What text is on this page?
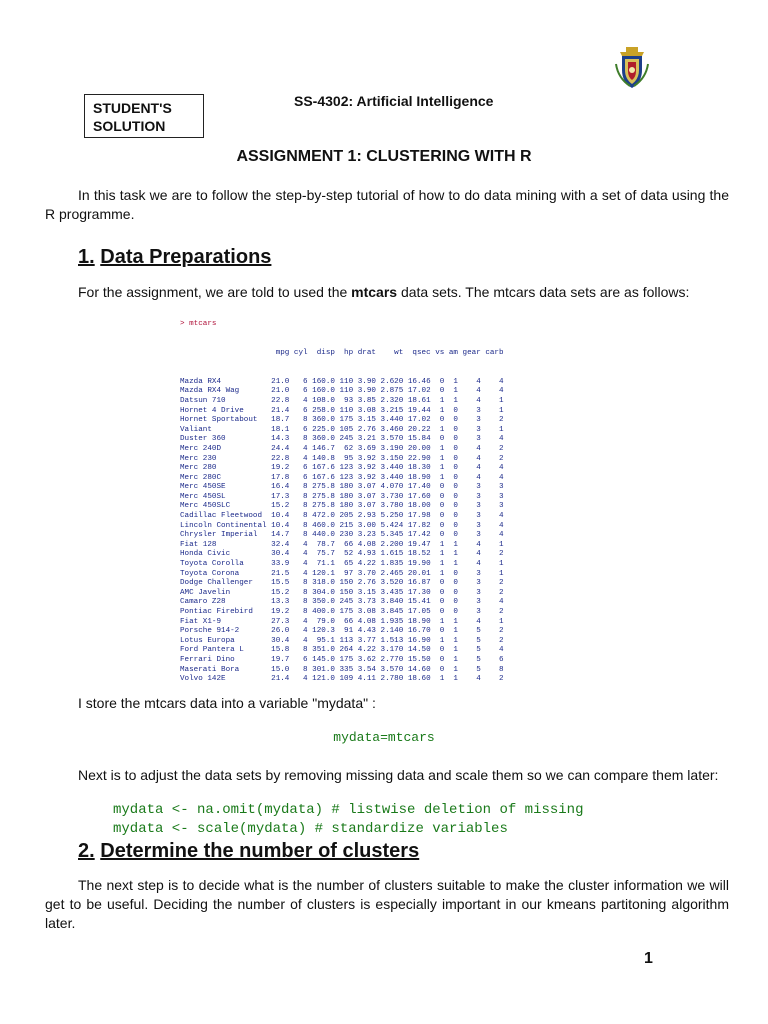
STUDENT'S
SOLUTION
SS-4302: Artificial Intelligence
ASSIGNMENT 1: CLUSTERING WITH R
In this task we are to follow the step-by-step tutorial of how to do data mining with a set of data using the R programme.
1. Data Preparations
For the assignment, we are told to used the mtcars data sets. The mtcars data sets are as follows:

> mtcars

mpg cyl  disp  hp drat    wt  qsec vs am gear carb

Mazda RX4           21.0   6 160.0 110 3.90 2.620 16.46  0  1    4    4
Mazda RX4 Wag       21.0   6 160.0 110 3.90 2.875 17.02  0  1    4    4
Datsun 710          22.8   4 108.0  93 3.85 2.320 18.61  1  1    4    1
Hornet 4 Drive      21.4   6 258.0 110 3.08 3.215 19.44  1  0    3    1
Hornet Sportabout   18.7   8 360.0 175 3.15 3.440 17.02  0  0    3    2
Valiant             18.1   6 225.0 105 2.76 3.460 20.22  1  0    3    1
Duster 360          14.3   8 360.0 245 3.21 3.570 15.84  0  0    3    4
Merc 240D           24.4   4 146.7  62 3.69 3.190 20.00  1  0    4    2
Merc 230            22.8   4 140.8  95 3.92 3.150 22.90  1  0    4    2
Merc 280            19.2   6 167.6 123 3.92 3.440 18.30  1  0    4    4
Merc 280C           17.8   6 167.6 123 3.92 3.440 18.90  1  0    4    4
Merc 450SE          16.4   8 275.8 180 3.07 4.070 17.40  0  0    3    3
Merc 450SL          17.3   8 275.8 180 3.07 3.730 17.60  0  0    3    3
Merc 450SLC         15.2   8 275.8 180 3.07 3.780 18.00  0  0    3    3
Cadillac Fleetwood  10.4   8 472.0 205 2.93 5.250 17.98  0  0    3    4
Lincoln Continental 10.4   8 460.0 215 3.00 5.424 17.82  0  0    3    4
Chrysler Imperial   14.7   8 440.0 230 3.23 5.345 17.42  0  0    3    4
Fiat 128            32.4   4  78.7  66 4.08 2.200 19.47  1  1    4    1
Honda Civic         30.4   4  75.7  52 4.93 1.615 18.52  1  1    4    2
Toyota Corolla      33.9   4  71.1  65 4.22 1.835 19.90  1  1    4    1
Toyota Corona       21.5   4 120.1  97 3.70 2.465 20.01  1  0    3    1
Dodge Challenger    15.5   8 318.0 150 2.76 3.520 16.87  0  0    3    2
AMC Javelin         15.2   8 304.0 150 3.15 3.435 17.30  0  0    3    2
Camaro Z28          13.3   8 350.0 245 3.73 3.840 15.41  0  0    3    4
Pontiac Firebird    19.2   8 400.0 175 3.08 3.845 17.05  0  0    3    2
Fiat X1-9           27.3   4  79.0  66 4.08 1.935 18.90  1  1    4    1
Porsche 914-2       26.0   4 120.3  91 4.43 2.140 16.70  0  1    5    2
Lotus Europa        30.4   4  95.1 113 3.77 1.513 16.90  1  1    5    2
Ford Pantera L      15.8   8 351.0 264 4.22 3.170 14.50  0  1    5    4
Ferrari Dino        19.7   6 145.0 175 3.62 2.770 15.50  0  1    5    6
Maserati Bora       15.0   8 301.0 335 3.54 3.570 14.60  0  1    5    8
Volvo 142E          21.4   4 121.0 109 4.11 2.780 18.60  1  1    4    2

I store the mtcars data into a variable "mydata" :
mydata=mtcars
Next is to adjust the data sets by removing missing data and scale them so we can compare them later:
mydata <- na.omit(mydata) # listwise deletion of missing
mydata <- scale(mydata) # standardize variables
2. Determine the number of clusters
The next step is to decide what is the number of clusters suitable to make the cluster information we will get to be useful. Deciding the number of clusters is especially important in our kmeans partitoning algorithm later.
1
